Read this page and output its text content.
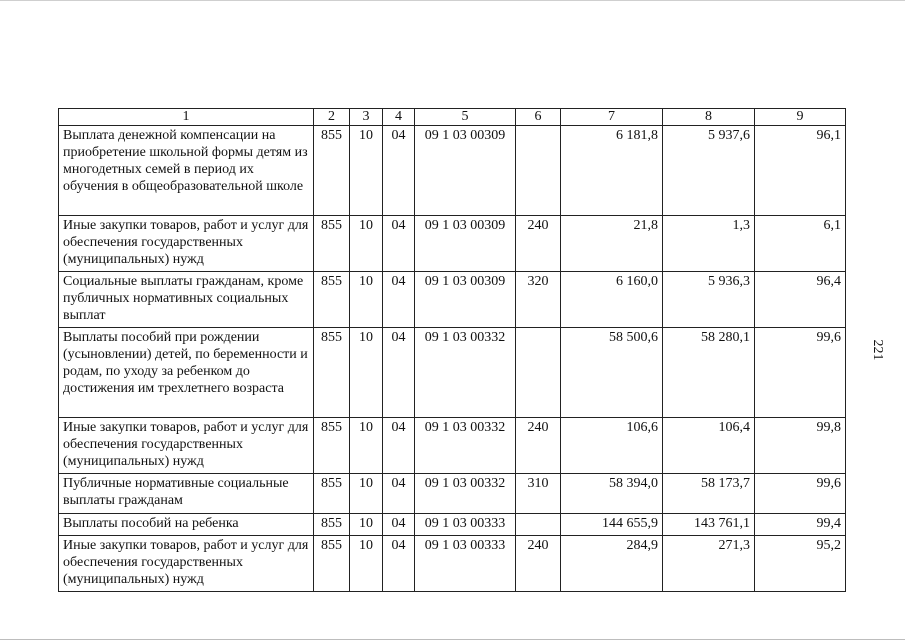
1	2	3	4	5	6	7	8	9
Выплата денежной компенсации на приобретение школьной формы детям из многодетных семей в период их обучения в общеобразовательной школе	855	10	04	09 1 03 00309		6 181,8	5 937,6	96,1
Иные закупки товаров, работ и услуг для обеспечения государственных (муниципальных) нужд	855	10	04	09 1 03 00309	240	21,8	1,3	6,1
Социальные выплаты гражданам, кроме публичных нормативных социальных выплат	855	10	04	09 1 03 00309	320	6 160,0	5 936,3	96,4
Выплаты пособий при рождении (усыновлении) детей, по беременности и родам, по уходу за ребенком до достижения им трехлетнего возраста	855	10	04	09 1 03 00332		58 500,6	58 280,1	99,6
Иные закупки товаров, работ и услуг для обеспечения государственных (муниципальных) нужд	855	10	04	09 1 03 00332	240	106,6	106,4	99,8
Публичные нормативные социальные выплаты гражданам	855	10	04	09 1 03 00332	310	58 394,0	58 173,7	99,6
Выплаты пособий на ребенка	855	10	04	09 1 03 00333		144 655,9	143 761,1	99,4
Иные закупки товаров, работ и услуг для обеспечения государственных (муниципальных) нужд	855	10	04	09 1 03 00333	240	284,9	271,3	95,2
221
